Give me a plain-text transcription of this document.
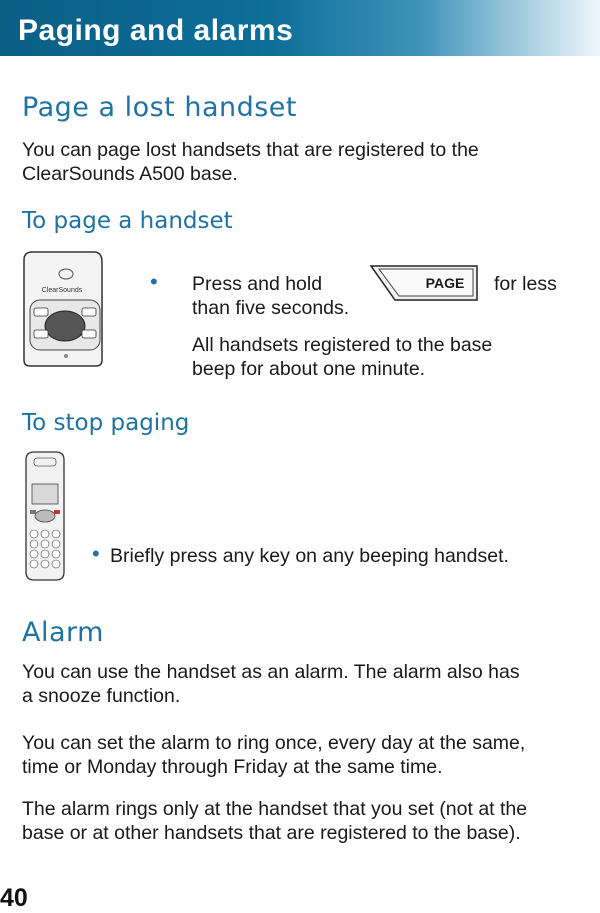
Paging and alarms
Page a lost handset
You can page lost handsets that are registered to the
ClearSounds A500 base.
To page a handset
ClearSounds	• Press and hold	PAGE for less
than five seconds.
All handsets registered to the base
beep for about one minute.
To stop paging
• Briefly press any key on any beeping handset.
Alarm
You can use the handset as an alarm. The alarm also has
a snooze function.
You can set the alarm to ring once, every day at the same,
time or Monday through Friday at the same time.
The alarm rings only at the handset that you set (not at the
base or at other handsets that are registered to the base).
40
